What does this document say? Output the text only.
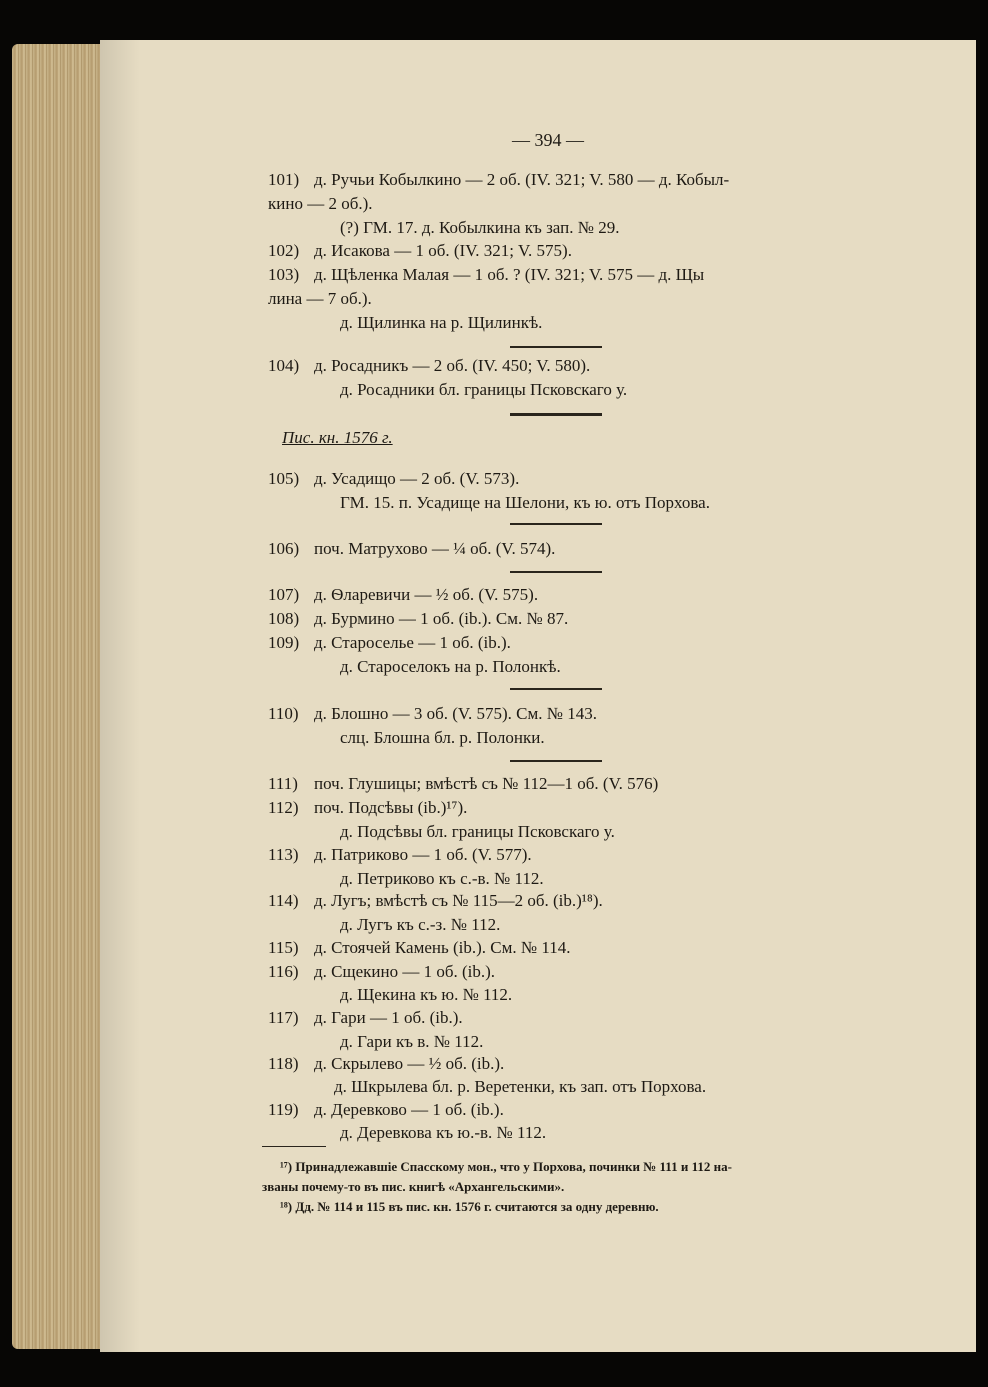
— 394 —
101) д. Ручьи Кобылкино — 2 об. (IV. 321; V. 580 — д. Кобыл-
кино — 2 об.).
(?) ГМ. 17. д. Кобылкина къ зап. № 29.
102) д. Исакова — 1 об. (IV. 321; V. 575).
103) д. Щѣленка Малая — 1 об. ? (IV. 321; V. 575 — д. Щы
лина — 7 об.).
д. Щилинка на р. Щилинкѣ.
104) д. Росадникъ — 2 об. (IV. 450; V. 580).
д. Росадники бл. границы Псковскаго у.
Пис. кн. 1576 г.
105) д. Усадищо — 2 об. (V. 573).
ГМ. 15. п. Усадище на Шелони, къ ю. отъ Порхова.
106) поч. Матрухово — ¼ об. (V. 574).
107) д. Ѳларевичи — ½ об. (V. 575).
108) д. Бурмино — 1 об. (ib.). См. № 87.
109) д. Староселье — 1 об. (ib.).
д. Староселокъ на р. Полонкѣ.
110) д. Блошно — 3 об. (V. 575). См. № 143.
слц. Блошна бл. р. Полонки.
111) поч. Глушицы; вмѣстѣ съ № 112—1 об. (V. 576)
112) поч. Подсѣвы (ib.)¹⁷).
д. Подсѣвы бл. границы Псковскаго у.
113) д. Патриково — 1 об. (V. 577).
д. Петриково къ с.-в. № 112.
114) д. Лугъ; вмѣстѣ съ № 115—2 об. (ib.)¹⁸).
д. Лугъ къ с.-з. № 112.
115) д. Стоячей Камень (ib.). См. № 114.
116) д. Сщекино — 1 об. (ib.).
д. Щекина къ ю. № 112.
117) д. Гари — 1 об. (ib.).
д. Гари къ в. № 112.
118) д. Скрылево — ½ об. (ib.).
д. Шкрылева бл. р. Веретенки, къ зап. отъ Порхова.
119) д. Деревково — 1 об. (ib.).
д. Деревкова къ ю.-в. № 112.
¹⁷) Принадлежавшіе Спасскому мон., что у Порхова, починки № 111 и 112 на-
званы почему-то въ пис. книгѣ «Архангельскими».
¹⁸) Дд. № 114 и 115 въ пис. кн. 1576 г. считаются за одну деревню.
